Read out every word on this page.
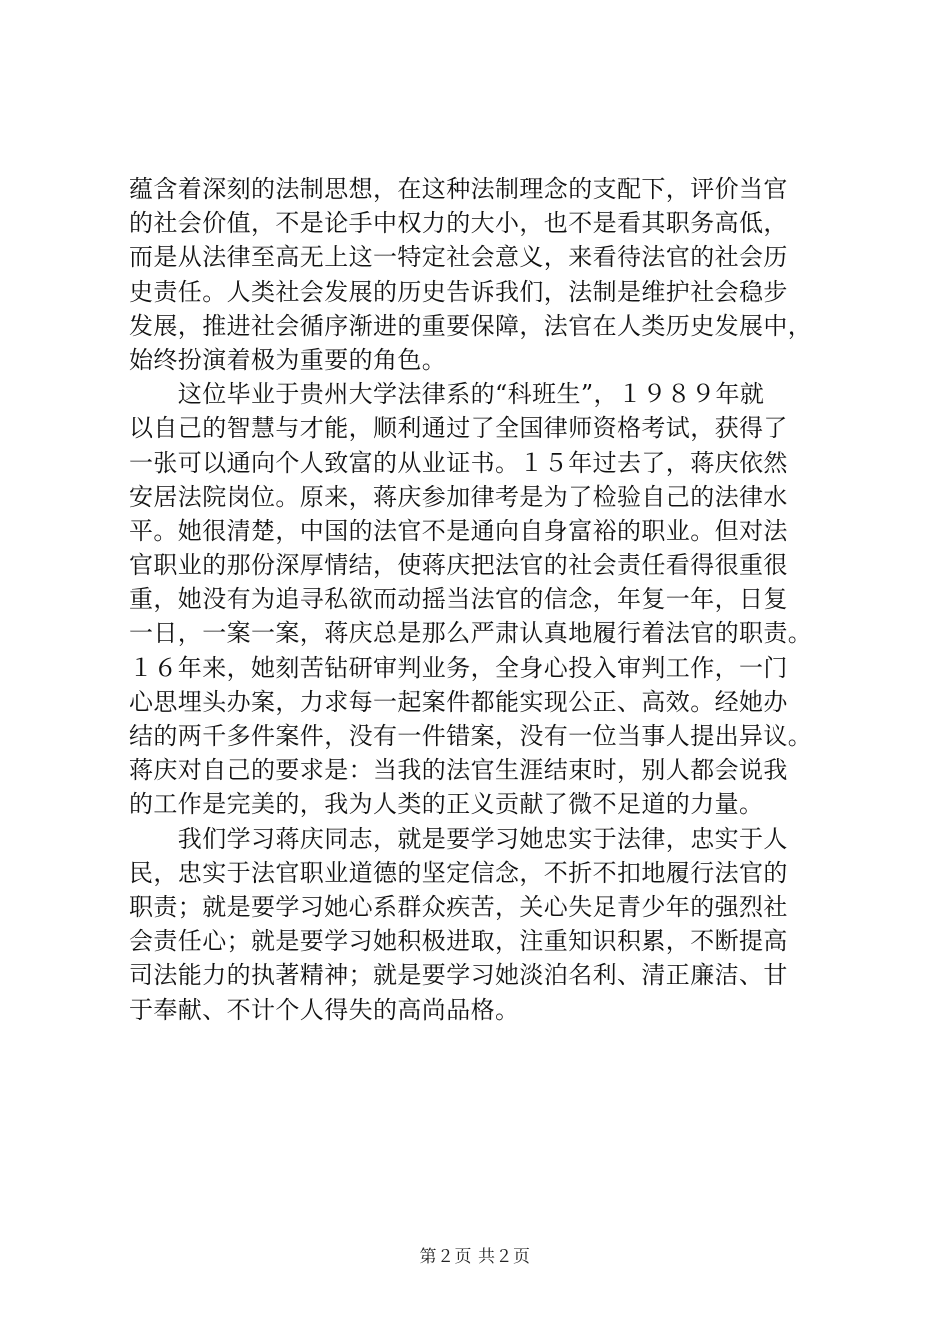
蕴含着深刻的法制思想，在这种法制理念的支配下，评价当官
的社会价值，不是论手中权力的大小，也不是看其职务高低，
而是从法律至高无上这一特定社会意义，来看待法官的社会历
史责任。人类社会发展的历史告诉我们，法制是维护社会稳步
发展，推进社会循序渐进的重要保障，法官在人类历史发展中，
始终扮演着极为重要的角色。
　　这位毕业于贵州大学法律系的“科班生”，１９８９年就
以自己的智慧与才能，顺利通过了全国律师资格考试，获得了
一张可以通向个人致富的从业证书。１５年过去了，蒋庆依然
安居法院岗位。原来，蒋庆参加律考是为了检验自己的法律水
平。她很清楚，中国的法官不是通向自身富裕的职业。但对法
官职业的那份深厚情结，使蒋庆把法官的社会责任看得很重很
重，她没有为追寻私欲而动摇当法官的信念，年复一年，日复
一日，一案一案，蒋庆总是那么严肃认真地履行着法官的职责。
１６年来，她刻苦钻研审判业务，全身心投入审判工作，一门
心思埋头办案，力求每一起案件都能实现公正、高效。经她办
结的两千多件案件，没有一件错案，没有一位当事人提出异议。
蒋庆对自己的要求是：当我的法官生涯结束时，别人都会说我
的工作是完美的，我为人类的正义贡献了微不足道的力量。
　　我们学习蒋庆同志，就是要学习她忠实于法律，忠实于人
民，忠实于法官职业道德的坚定信念，不折不扣地履行法官的
职责；就是要学习她心系群众疾苦，关心失足青少年的强烈社
会责任心；就是要学习她积极进取，注重知识积累，不断提高
司法能力的执著精神；就是要学习她淡泊名利、清正廉洁、甘
于奉献、不计个人得失的高尚品格。
第２页 共２页
